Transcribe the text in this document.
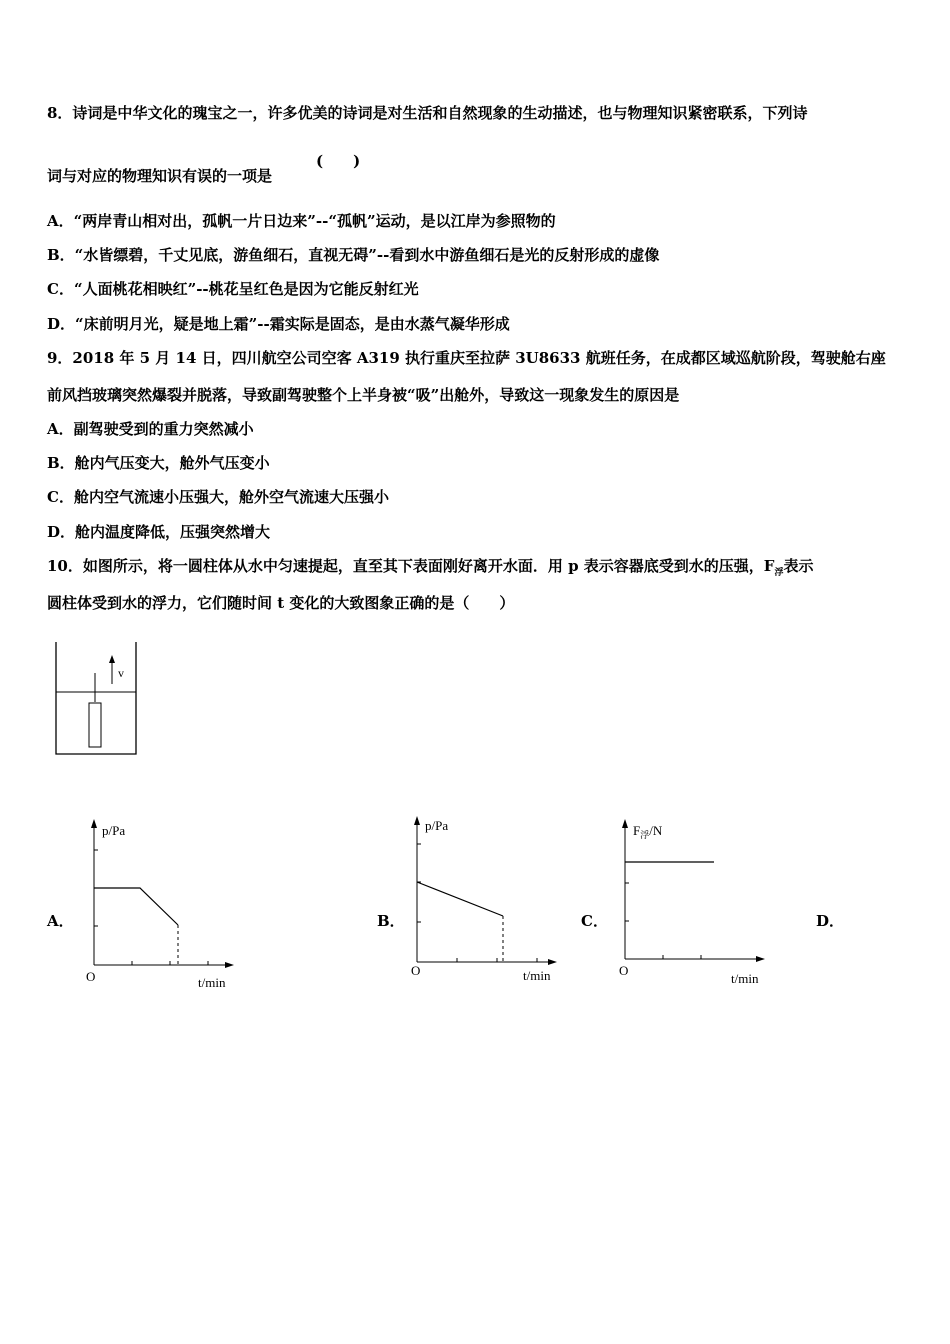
8．诗词是中华文化的瑰宝之一，许多优美的诗词是对生活和自然现象的生动描述，也与物理知识紧密联系，下列诗
词与对应的物理知识有误的一项是
(　　)
A．“两岸青山相对出，孤帆一片日边来”--“孤帆”运动，是以江岸为参照物的
B．“水皆缥碧，千丈见底，游鱼细石，直视无碍”--看到水中游鱼细石是光的反射形成的虚像
C．“人面桃花相映红”--桃花呈红色是因为它能反射红光
D．“床前明月光，疑是地上霜”--霜实际是固态，是由水蒸气凝华形成
9．2018 年 5 月 14 日，四川航空公司空客 A319 执行重庆至拉萨 3U8633 航班任务，在成都区域巡航阶段，驾驶舱右座
前风挡玻璃突然爆裂并脱落，导致副驾驶整个上半身被“吸”出舱外，导致这一现象发生的原因是
A．副驾驶受到的重力突然减小
B．舱内气压变大，舱外气压变小
C．舱内空气流速小压强大，舱外空气流速大压强小
D．舱内温度降低，压强突然增大
10．如图所示，将一圆柱体从水中匀速提起，直至其下表面刚好离开水面．用 p 表示容器底受到水的压强，$F_浮$表示
圆柱体受到水的浮力，它们随时间 t 变化的大致图象正确的是（　　）
v
A．
p/Pa
O	t/min
B．
p/Pa
O	t/min
C．
$F_浮/N$
O
t/min
D．
